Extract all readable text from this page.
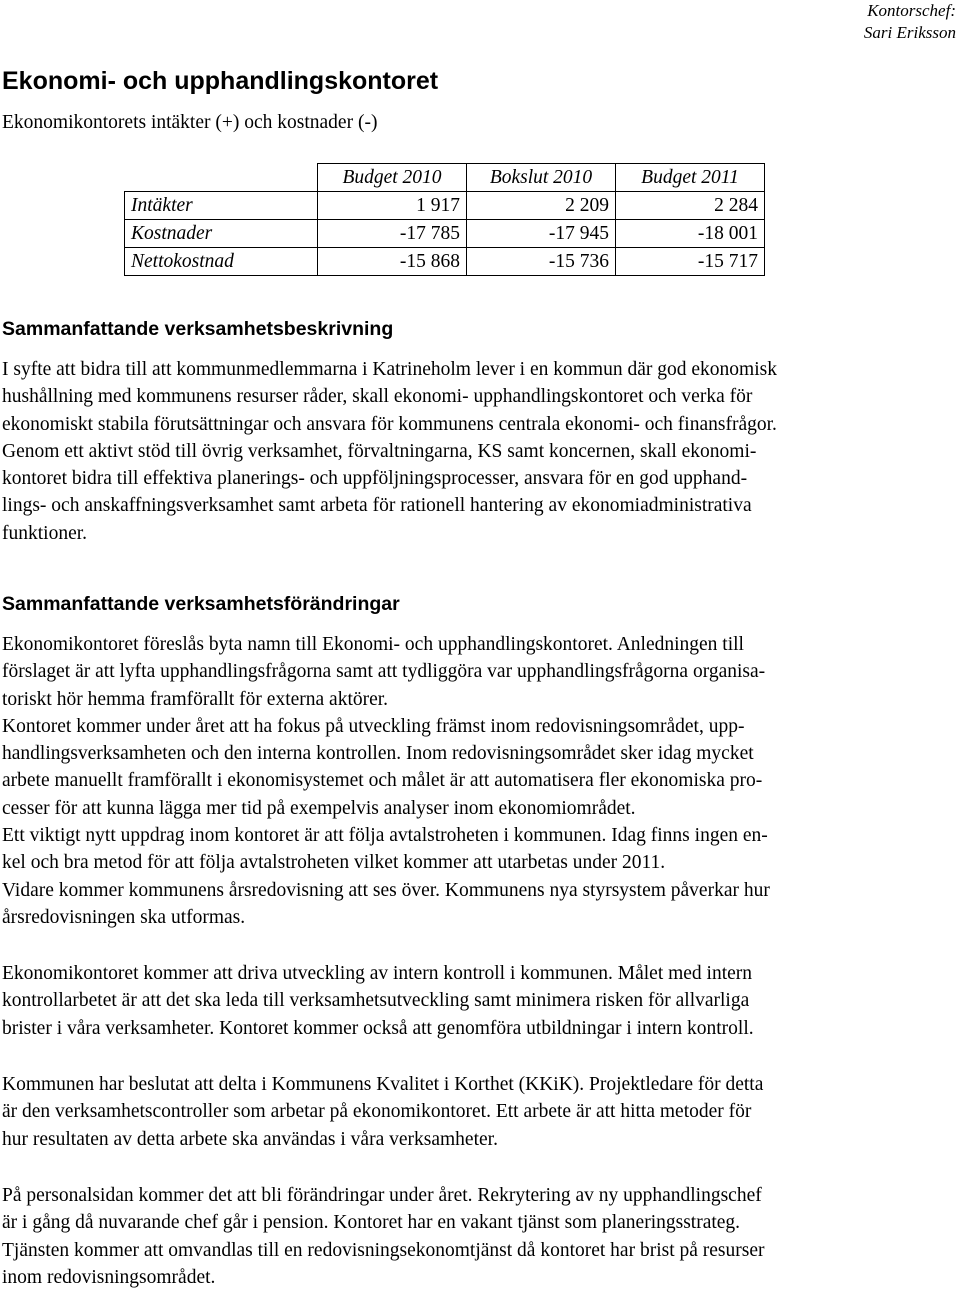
Kontorschef:
Sari Eriksson
Ekonomi- och upphandlingskontoret
Ekonomikontorets intäkter (+) och kostnader (-)
	Budget 2010	Bokslut 2010	Budget 2011
Intäkter	1 917	2 209	2 284
Kostnader	-17 785	-17 945	-18 001
Nettokostnad	-15 868	-15 736	-15 717
Sammanfattande verksamhetsbeskrivning
I syfte att bidra till att kommunmedlemmarna i Katrineholm lever i en kommun där god ekonomisk
hushållning med kommunens resurser råder, skall ekonomi- upphandlingskontoret och verka för
ekonomiskt stabila förutsättningar och ansvara för kommunens centrala ekonomi- och finansfrågor.
Genom ett aktivt stöd till övrig verksamhet, förvaltningarna, KS samt koncernen, skall ekonomi-
kontoret bidra till effektiva planerings- och uppföljningsprocesser, ansvara för en god upphand-
lings- och anskaffningsverksamhet samt arbeta för rationell hantering av ekonomiadministrativa
funktioner.
Sammanfattande verksamhetsförändringar
Ekonomikontoret föreslås byta namn till Ekonomi- och upphandlingskontoret. Anledningen till
förslaget är att lyfta upphandlingsfrågorna samt att tydliggöra var upphandlingsfrågorna organisa-
toriskt hör hemma framförallt för externa aktörer.
Kontoret kommer under året att ha fokus på utveckling främst inom redovisningsområdet, upp-
handlingsverksamheten och den interna kontrollen. Inom redovisningsområdet sker idag mycket
arbete manuellt framförallt i ekonomisystemet och målet är att automatisera fler ekonomiska pro-
cesser för att kunna lägga mer tid på exempelvis analyser inom ekonomiområdet.
Ett viktigt nytt uppdrag inom kontoret är att följa avtalstroheten i kommunen. Idag finns ingen en-
kel och bra metod för att följa avtalstroheten vilket kommer att utarbetas under 2011.
Vidare kommer kommunens årsredovisning att ses över. Kommunens nya styrsystem påverkar hur
årsredovisningen ska utformas.
Ekonomikontoret kommer att driva utveckling av intern kontroll i kommunen. Målet med intern
kontrollarbetet är att det ska leda till verksamhetsutveckling samt minimera risken för allvarliga
brister i våra verksamheter. Kontoret kommer också att genomföra utbildningar i intern kontroll.
Kommunen har beslutat att delta i Kommunens Kvalitet i Korthet (KKiK). Projektledare för detta
är den verksamhetscontroller som arbetar på ekonomikontoret. Ett arbete är att hitta metoder för
hur resultaten av detta arbete ska användas i våra verksamheter.
På personalsidan kommer det att bli förändringar under året. Rekrytering av ny upphandlingschef
är i gång då nuvarande chef går i pension. Kontoret har en vakant tjänst som planeringsstrateg.
Tjänsten kommer att omvandlas till en redovisningsekonomtjänst då kontoret har brist på resurser
inom redovisningsområdet.
